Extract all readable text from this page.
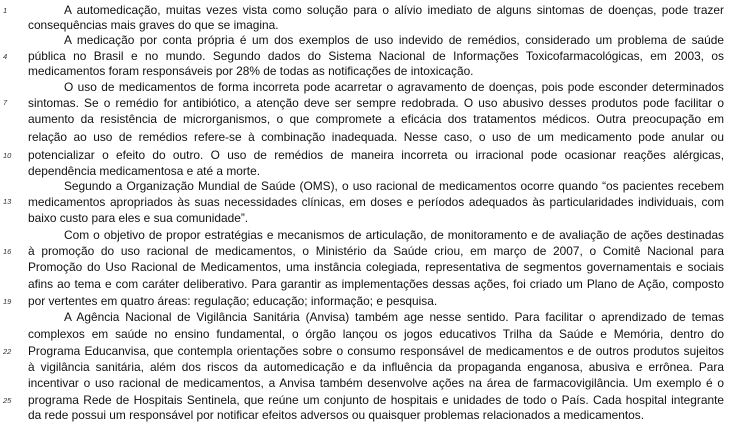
1
4
7
10
13
16
19
22
25
A automedicação, muitas vezes vista como solução para o alívio imediato de alguns sintomas de doenças, pode trazer
consequências mais graves do que se imagina.
A medicação por conta própria é um dos exemplos de uso indevido de remédios, considerado um problema de saúde
pública no Brasil e no mundo. Segundo dados do Sistema Nacional de Informações Toxicofarmacológicas, em 2003, os
medicamentos foram responsáveis por 28% de todas as notificações de intoxicação.
O uso de medicamentos de forma incorreta pode acarretar o agravamento de doenças, pois pode esconder determinados
sintomas. Se o remédio for antibiótico, a atenção deve ser sempre redobrada. O uso abusivo desses produtos pode facilitar o
aumento da resistência de microrganismos, o que compromete a eficácia dos tratamentos médicos. Outra preocupação em
relação ao uso de remédios refere-se à combinação inadequada. Nesse caso, o uso de um medicamento pode anular ou
potencializar o efeito do outro. O uso de remédios de maneira incorreta ou irracional pode ocasionar reações alérgicas,
dependência medicamentosa e até a morte.
Segundo a Organização Mundial de Saúde (OMS), o uso racional de medicamentos ocorre quando “os pacientes recebem
medicamentos apropriados às suas necessidades clínicas, em doses e períodos adequados às particularidades individuais, com
baixo custo para eles e sua comunidade”.
Com o objetivo de propor estratégias e mecanismos de articulação, de monitoramento e de avaliação de ações destinadas
à promoção do uso racional de medicamentos, o Ministério da Saúde criou, em março de 2007, o Comitê Nacional para
Promoção do Uso Racional de Medicamentos, uma instância colegiada, representativa de segmentos governamentais e sociais
afins ao tema e com caráter deliberativo. Para garantir as implementações dessas ações, foi criado um Plano de Ação, composto
por vertentes em quatro áreas: regulação; educação; informação; e pesquisa.
A Agência Nacional de Vigilância Sanitária (Anvisa) também age nesse sentido. Para facilitar o aprendizado de temas
complexos em saúde no ensino fundamental, o órgão lançou os jogos educativos Trilha da Saúde e Memória, dentro do
Programa Educanvisa, que contempla orientações sobre o consumo responsável de medicamentos e de outros produtos sujeitos
à vigilância sanitária, além dos riscos da automedicação e da influência da propaganda enganosa, abusiva e errônea. Para
incentivar o uso racional de medicamentos, a Anvisa também desenvolve ações na área de farmacovigilância. Um exemplo é o
programa Rede de Hospitais Sentinela, que reúne um conjunto de hospitais e unidades de todo o País. Cada hospital integrante
da rede possui um responsável por notificar efeitos adversos ou quaisquer problemas relacionados a medicamentos.
